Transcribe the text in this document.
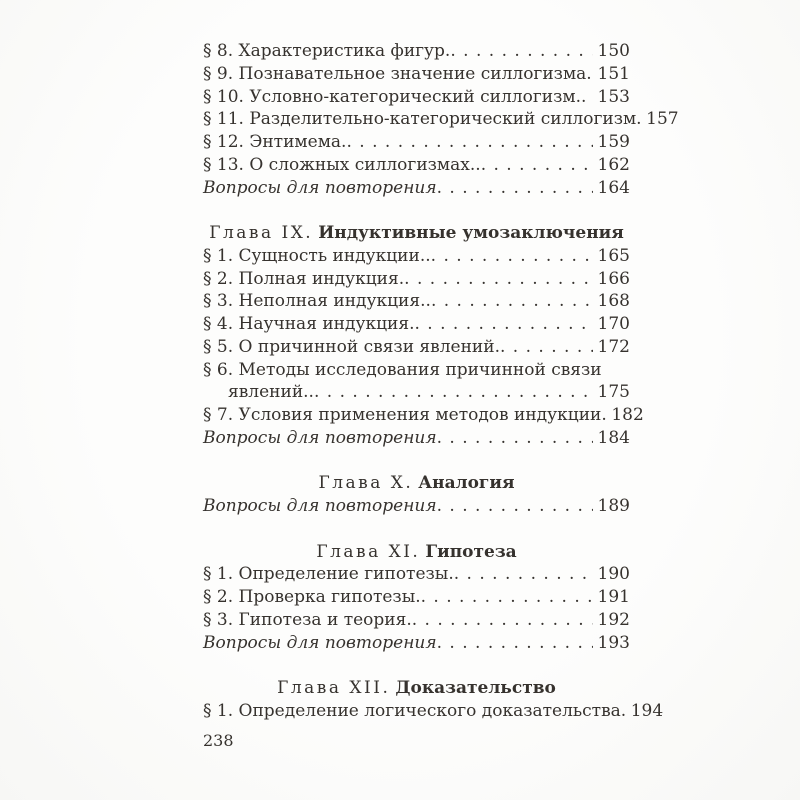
§ 8. Характеристика фигур. . . .	150
§ 9. Познавательное значение силлогизма. . . . 151
§ 10. Условно-категорический силлогизм. . . . 153
§ 11. Разделительно-категорический силлогизм. 157
§ 12. Энтимема. . . .	159
§ 13. О сложных силлогизмах.. . . .	162
Вопросы для повторения . . .	164
Глава IX. Индуктивные умозаключения
§ 1. Сущность индукции.. . . .	165
§ 2. Полная индукция. . . .	166
§ 3. Неполная индукция.. . . .	168
§ 4. Научная индукция. . . .	170
§ 5. О причинной связи явлений. . . .	172
§ 6. Методы исследования причинной связи
явлений.. . . .	175
§ 7. Условия применения методов индукции. 182
Вопросы для повторения . . .	184
Глава X. Аналогия
Вопросы для повторения . . .	189
Глава XI. Гипотеза
§ 1. Определение гипотезы. . . .	190
§ 2. Проверка гипотезы. . . .	191
§ 3. Гипотеза и теория. . . .	192
Вопросы для повторения . . .	193
Глава XII. Доказательство
§ 1. Определение логического доказательства. 194
238
